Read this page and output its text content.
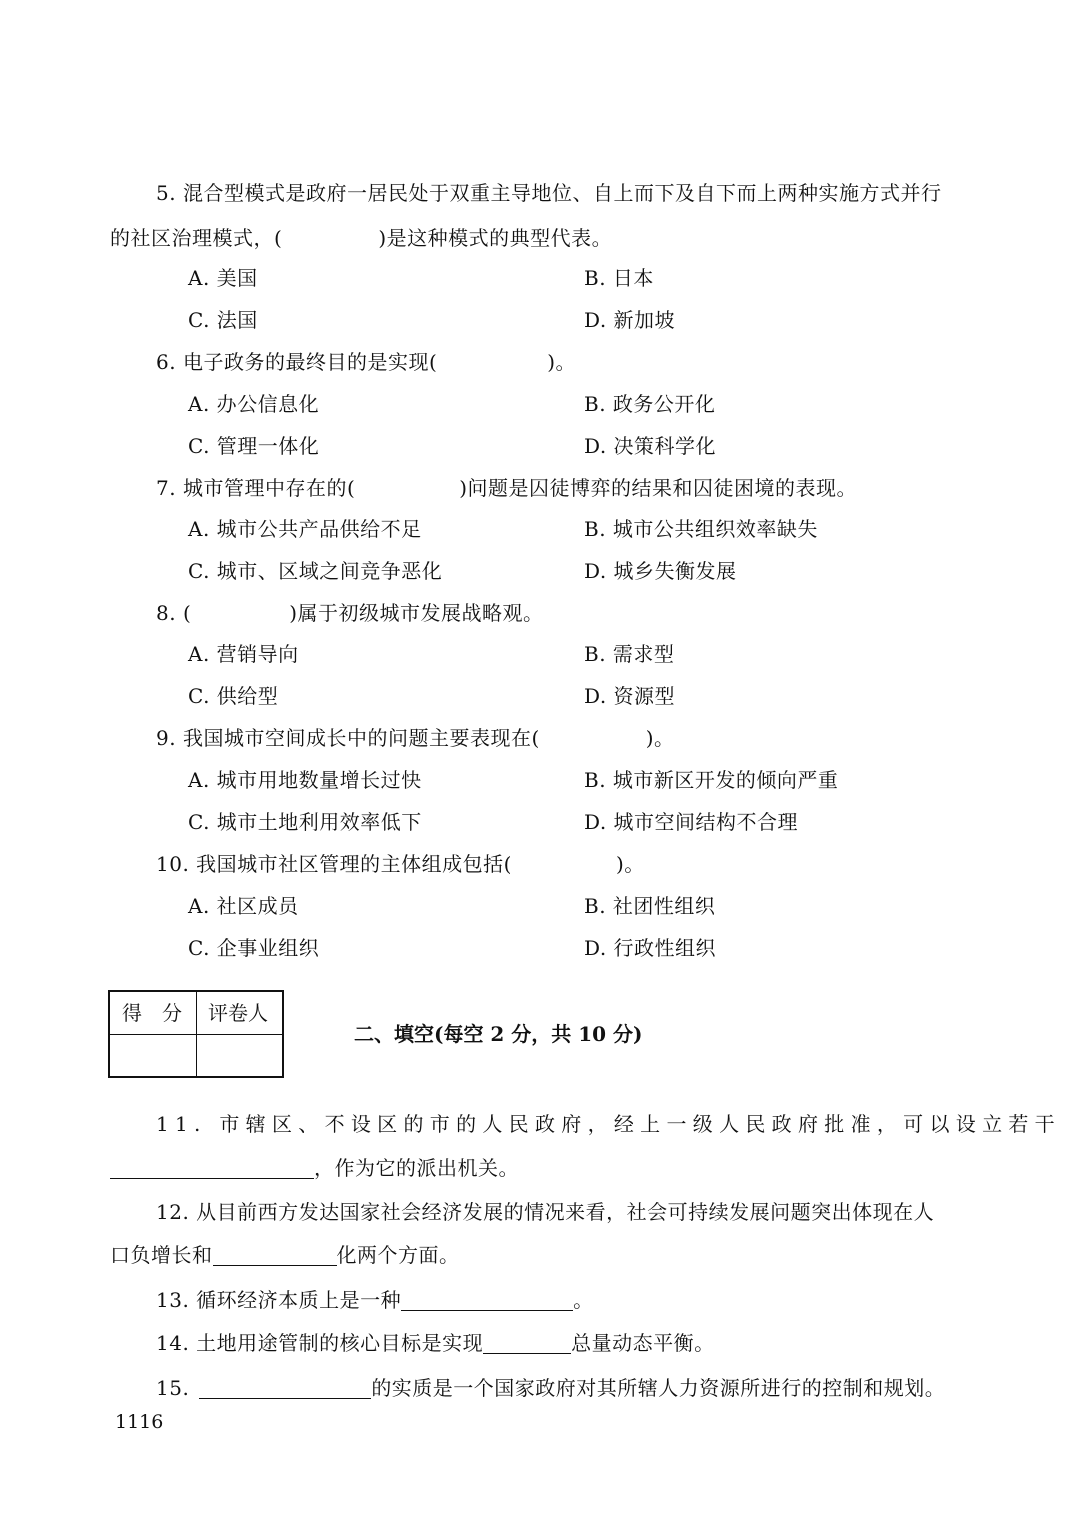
5. 混合型模式是政府一居民处于双重主导地位、自上而下及自下而上两种实施方式并行
的社区治理模式，(	)是这种模式的典型代表。
A. 美国	B. 日本
C. 法国	D. 新加坡
6. 电子政务的最终目的是实现(	)。
A. 办公信息化	B. 政务公开化
C. 管理一体化	D. 决策科学化
7. 城市管理中存在的(	)问题是囚徒博弈的结果和囚徒困境的表现。
A. 城市公共产品供给不足	B. 城市公共组织效率缺失
C. 城市、区域之间竞争恶化	D. 城乡失衡发展
8. (	)属于初级城市发展战略观。
A. 营销导向	B. 需求型
C. 供给型	D. 资源型
9. 我国城市空间成长中的问题主要表现在(	)。
A. 城市用地数量增长过快	B. 城市新区开发的倾向严重
C. 城市土地利用效率低下	D. 城市空间结构不合理
10. 我国城市社区管理的主体组成包括(	)。
A. 社区成员	B. 社团性组织
C. 企事业组织	D. 行政性组织
得　分 评卷人
二、填空(每空 2 分，共 10 分)
11. 市辖区、不设区的市的人民政府，经上一级人民政府批准，可以设立若干
，作为它的派出机关。
12. 从目前西方发达国家社会经济发展的情况来看，社会可持续发展问题突出体现在人
口负增长和	化两个方面。
13. 循环经济本质上是一种	。
14. 土地用途管制的核心目标是实现	总量动态平衡。
15.	的实质是一个国家政府对其所辖人力资源所进行的控制和规划。
1116
